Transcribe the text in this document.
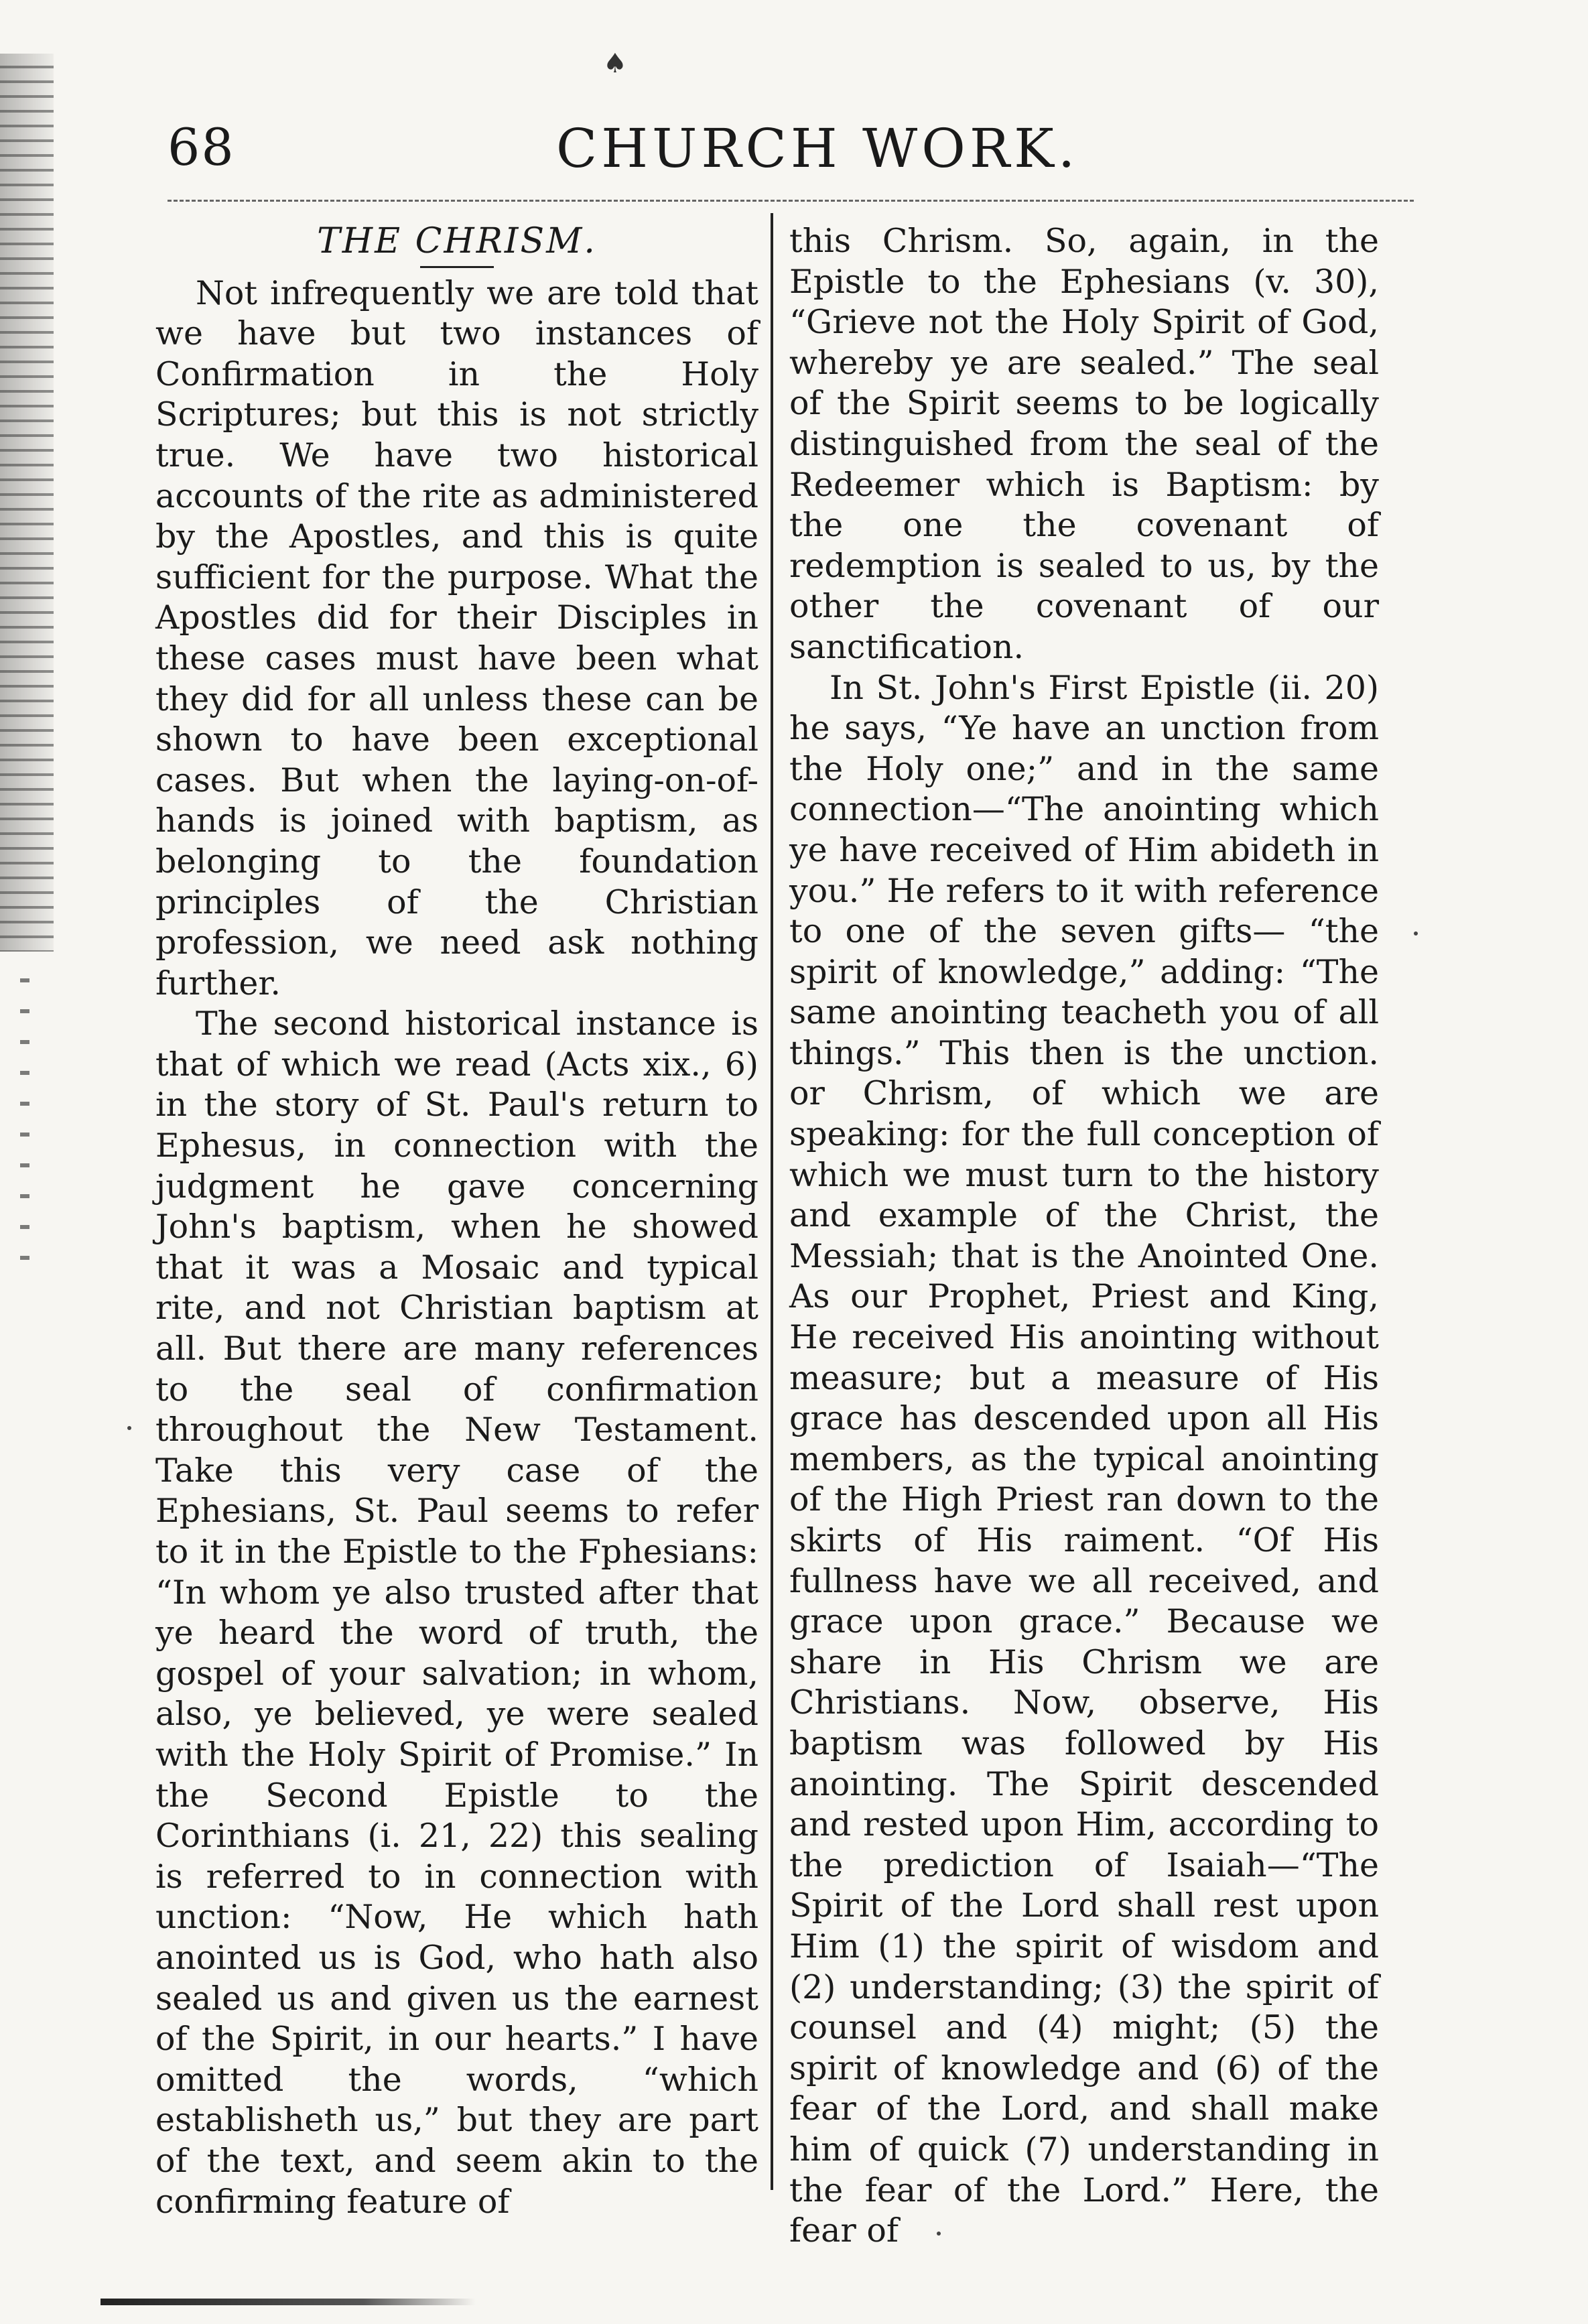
♠
68	CHURCH WORK.
THE CHRISM.

Not infrequently we are told that we have but two instances of Confirmation in the Holy Scriptures; but this is not strictly true. We have two historical accounts of the rite as administered by the Apostles, and this is quite sufficient for the purpose. What the Apostles did for their Disciples in these cases must have been what they did for all unless these can be shown to have been exceptional cases. But when the laying-on-of-hands is joined with baptism, as belonging to the foundation principles of the Christian profession, we need ask nothing further.

The second historical instance is that of which we read (Acts xix., 6) in the story of St. Paul's return to Ephesus, in connection with the judgment he gave concerning John's baptism, when he showed that it was a Mosaic and typical rite, and not Christian baptism at all. But there are many references to the seal of confirmation throughout the New Testament. Take this very case of the Ephesians, St. Paul seems to refer to it in the Epistle to the Fphesians: “In whom ye also trusted after that ye heard the word of truth, the gospel of your salvation; in whom, also, ye believed, ye were sealed with the Holy Spirit of Promise.” In the Second Epistle to the Corinthians (i. 21, 22) this sealing is referred to in connection with unction: “Now, He which hath anointed us is God, who hath also sealed us and given us the earnest of the Spirit, in our hearts.” I have omitted the words, “which establisheth us,” but they are part of the text, and seem akin to the confirming feature of

this Chrism. So, again, in the Epistle to the Ephesians (v. 30), “Grieve not the Holy Spirit of God, whereby ye are sealed.” The seal of the Spirit seems to be logically distinguished from the seal of the Redeemer which is Baptism: by the one the covenant of redemption is sealed to us, by the other the covenant of our sanctification.

In St. John's First Epistle (ii. 20) he says, “Ye have an unction from the Holy one;” and in the same connection—“The anointing which ye have received of Him abideth in you.” He refers to it with reference to one of the seven gifts— “the spirit of knowledge,” adding: “The same anointing teacheth you of all things.” This then is the unction. or Chrism, of which we are speaking: for the full conception of which we must turn to the history and example of the Christ, the Messiah; that is the Anointed One. As our Prophet, Priest and King, He received His anointing without measure; but a measure of His grace has descended upon all His members, as the typical anointing of the High Priest ran down to the skirts of His raiment. “Of His fullness have we all received, and grace upon grace.” Because we share in His Chrism we are Christians. Now, observe, His baptism was followed by His anointing. The Spirit descended and rested upon Him, according to the prediction of Isaiah—“The Spirit of the Lord shall rest upon Him (1) the spirit of wisdom and (2) understanding; (3) the spirit of counsel and (4) might; (5) the spirit of knowledge and (6) of the fear of the Lord, and shall make him of quick (7) understanding in the fear of the Lord.” Here, the fear of
